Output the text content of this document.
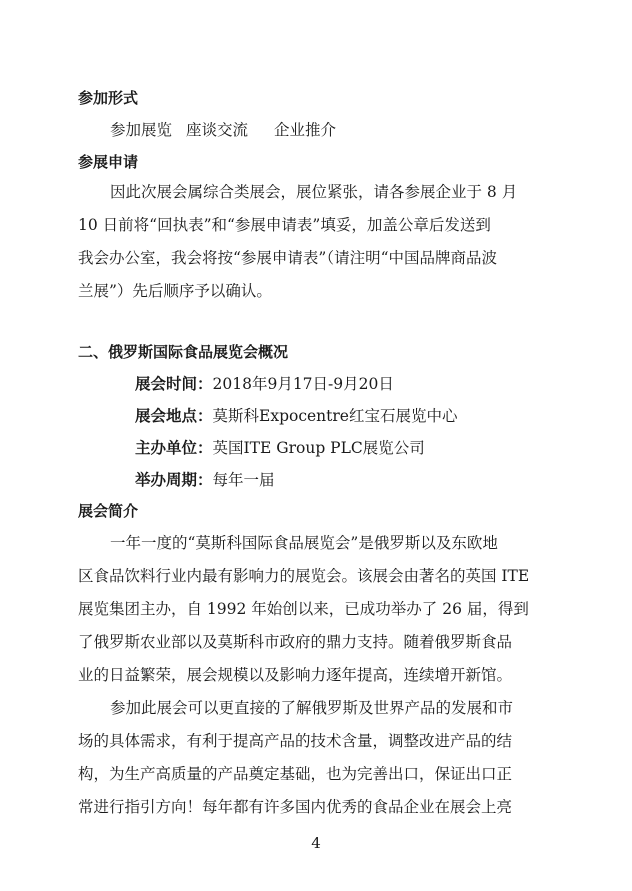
参加形式
参加展览 座谈交流 企业推介
参展申请
因此次展会属综合类展会，展位紧张，请各参展企业于 8 月
10 日前将“回执表”和“参展申请表”填妥，加盖公章后发送到
我会办公室，我会将按“参展申请表”（请注明“中国品牌商品波
兰展”）先后顺序予以确认。
二、俄罗斯国际食品展览会概况
展会时间：2018年9月17日-9月20日
展会地点：莫斯科Expocentre红宝石展览中心
主办单位：英国ITE Group PLC展览公司
举办周期：每年一届
展会简介
一年一度的“莫斯科国际食品展览会”是俄罗斯以及东欧地
区食品饮料行业内最有影响力的展览会。该展会由著名的英国 ITE
展览集团主办，自 1992 年始创以来，已成功举办了 26 届，得到
了俄罗斯农业部以及莫斯科市政府的鼎力支持。随着俄罗斯食品
业的日益繁荣，展会规模以及影响力逐年提高，连续增开新馆。
参加此展会可以更直接的了解俄罗斯及世界产品的发展和市
场的具体需求，有利于提高产品的技术含量，调整改进产品的结
构，为生产高质量的产品奠定基础，也为完善出口，保证出口正
常进行指引方向！每年都有许多国内优秀的食品企业在展会上亮
4
